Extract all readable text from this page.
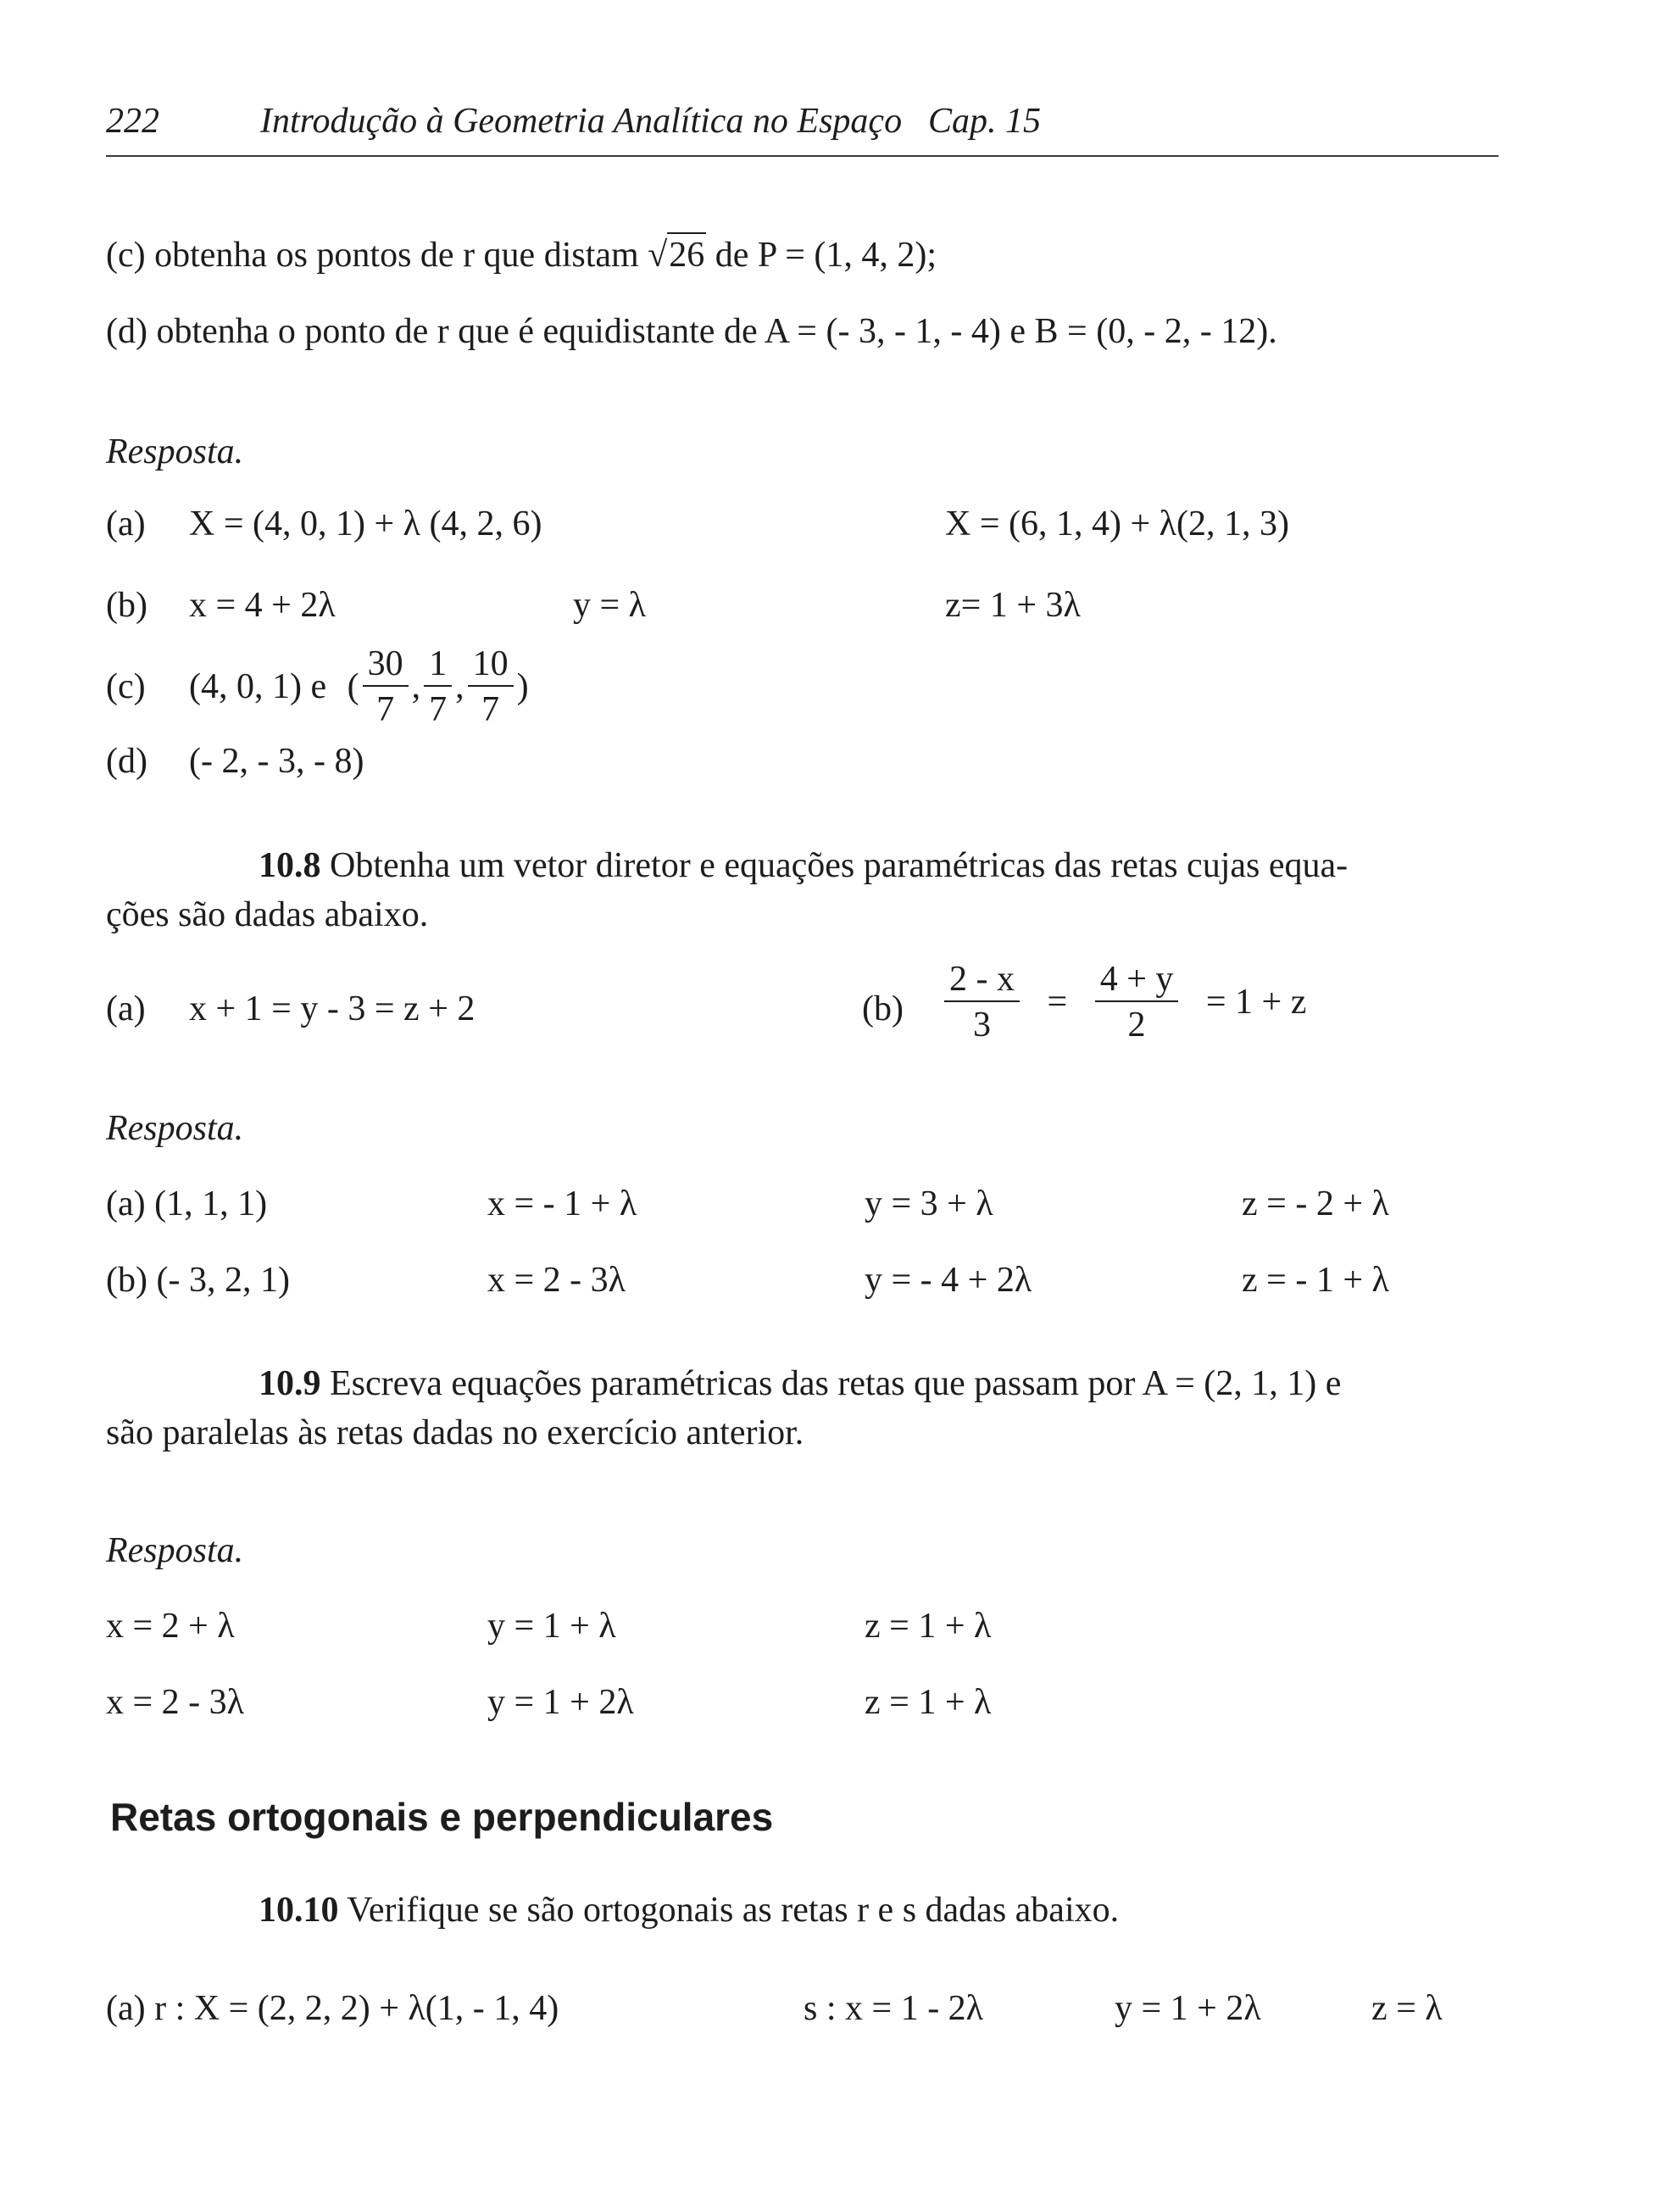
222	Introdução à Geometria Analítica no Espaço Cap. 15
(c) obtenha os pontos de r que distam √26 de P = (1, 4, 2);
(d) obtenha o ponto de r que é equidistante de A = (- 3, - 1, - 4) e B = (0, - 2, - 12).
Resposta.
(a) X = (4, 0, 1) + λ (4, 2, 6)	X = (6, 1, 4) + λ(2, 1, 3)
(b) x = 4 + 2λ	y = λ	z= 1 + 3λ
(c) (4, 0, 1) e ( $\frac{30}{7}$ , $\frac{1}{7}$ , $\frac{10}{7}$ )
(d) (- 2, - 3, - 8)
10.8 Obtenha um vetor diretor e equações paramétricas das retas cujas equa-
ções são dadas abaixo.
(a) x + 1 = y - 3 = z + 2	$(b) \frac{2 - x}{3} = \frac{4 + y}{2} = 1 + z$
Resposta.
(a) (1, 1, 1)	x = - 1 + λ	y = 3 + λ	z = - 2 + λ
(b) (- 3, 2, 1)	x = 2 - 3λ	y = - 4 + 2λ	z = - 1 + λ
10.9 Escreva equações paramétricas das retas que passam por A = (2, 1, 1) e
são paralelas às retas dadas no exercício anterior.
Resposta.
x = 2 + λ	y = 1 + λ	z = 1 + λ
x = 2 - 3λ	y = 1 + 2λ	z = 1 + λ
Retas ortogonais e perpendiculares
10.10 Verifique se são ortogonais as retas r e s dadas abaixo.
(a) r : X = (2, 2, 2) + λ(1, - 1, 4)	s : x = 1 - 2λ	y = 1 + 2λ	z = λ
